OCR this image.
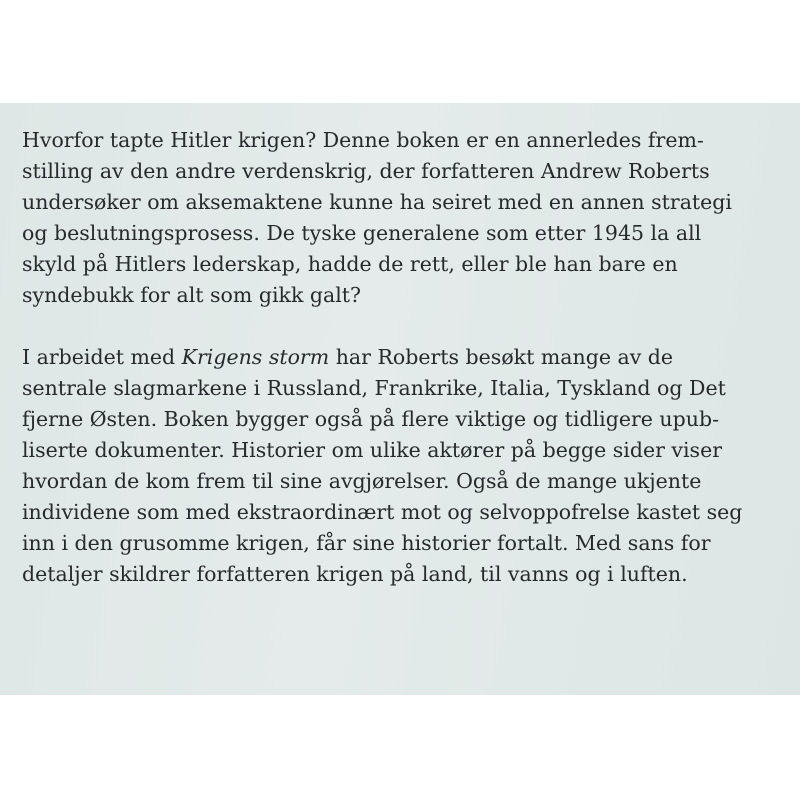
Hvorfor tapte Hitler krigen? Denne boken er en annerledes frem-
stilling av den andre verdenskrig, der forfatteren Andrew Roberts
undersøker om aksemaktene kunne ha seiret med en annen strategi
og beslutningsprosess. De tyske generalene som etter 1945 la all
skyld på Hitlers lederskap, hadde de rett, eller ble han bare en
syndebukk for alt som gikk galt?

I arbeidet med Krigens storm har Roberts besøkt mange av de
sentrale slagmarkene i Russland, Frankrike, Italia, Tyskland og Det
fjerne Østen. Boken bygger også på flere viktige og tidligere upub-
liserte dokumenter. Historier om ulike aktører på begge sider viser
hvordan de kom frem til sine avgjørelser. Også de mange ukjente
individene som med ekstraordinært mot og selvoppofrelse kastet seg
inn i den grusomme krigen, får sine historier fortalt. Med sans for
detaljer skildrer forfatteren krigen på land, til vanns og i luften.
